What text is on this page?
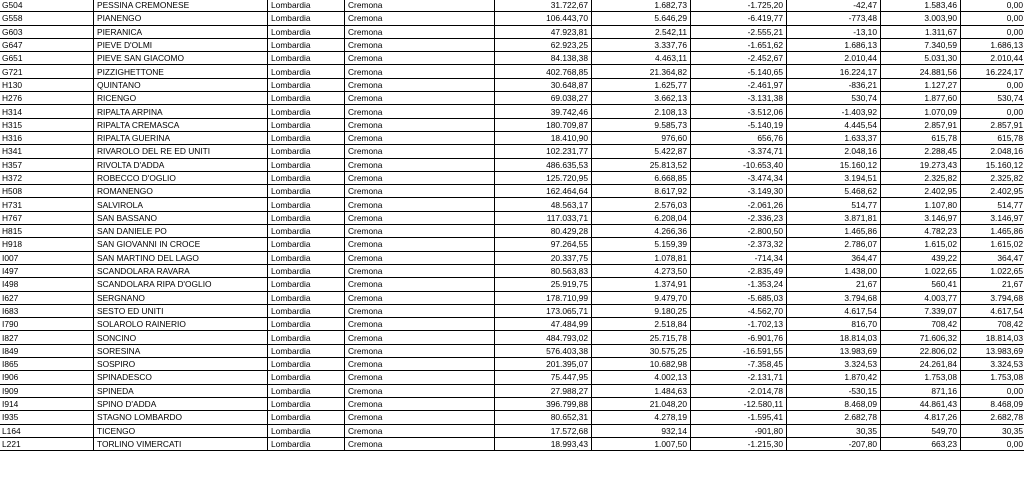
G504	PESSINA CREMONESE	Lombardia	Cremona	31.722,67	1.682,73	-1.725,20	-42,47	1.583,46	0,00
G558	PIANENGO	Lombardia	Cremona	106.443,70	5.646,29	-6.419,77	-773,48	3.003,90	0,00
G603	PIERANICA	Lombardia	Cremona	47.923,81	2.542,11	-2.555,21	-13,10	1.311,67	0,00
G647	PIEVE D'OLMI	Lombardia	Cremona	62.923,25	3.337,76	-1.651,62	1.686,13	7.340,59	1.686,13
G651	PIEVE SAN GIACOMO	Lombardia	Cremona	84.138,38	4.463,11	-2.452,67	2.010,44	5.031,30	2.010,44
G721	PIZZIGHETTONE	Lombardia	Cremona	402.768,85	21.364,82	-5.140,65	16.224,17	24.881,56	16.224,17
H130	QUINTANO	Lombardia	Cremona	30.648,87	1.625,77	-2.461,97	-836,21	1.127,27	0,00
H276	RICENGO	Lombardia	Cremona	69.038,27	3.662,13	-3.131,38	530,74	1.877,60	530,74
H314	RIPALTA ARPINA	Lombardia	Cremona	39.742,46	2.108,13	-3.512,06	-1.403,92	1.070,09	0,00
H315	RIPALTA CREMASCA	Lombardia	Cremona	180.709,87	9.585,73	-5.140,19	4.445,54	2.857,91	2.857,91
H316	RIPALTA GUERINA	Lombardia	Cremona	18.410,90	976,60	656,76	1.633,37	615,78	615,78
H341	RIVAROLO DEL RE ED UNITI	Lombardia	Cremona	102.231,77	5.422,87	-3.374,71	2.048,16	2.288,45	2.048,16
H357	RIVOLTA D'ADDA	Lombardia	Cremona	486.635,53	25.813,52	-10.653,40	15.160,12	19.273,43	15.160,12
H372	ROBECCO D'OGLIO	Lombardia	Cremona	125.720,95	6.668,85	-3.474,34	3.194,51	2.325,82	2.325,82
H508	ROMANENGO	Lombardia	Cremona	162.464,64	8.617,92	-3.149,30	5.468,62	2.402,95	2.402,95
H731	SALVIROLA	Lombardia	Cremona	48.563,17	2.576,03	-2.061,26	514,77	1.107,80	514,77
H767	SAN BASSANO	Lombardia	Cremona	117.033,71	6.208,04	-2.336,23	3.871,81	3.146,97	3.146,97
H815	SAN DANIELE PO	Lombardia	Cremona	80.429,28	4.266,36	-2.800,50	1.465,86	4.782,23	1.465,86
H918	SAN GIOVANNI IN CROCE	Lombardia	Cremona	97.264,55	5.159,39	-2.373,32	2.786,07	1.615,02	1.615,02
I007	SAN MARTINO DEL LAGO	Lombardia	Cremona	20.337,75	1.078,81	-714,34	364,47	439,22	364,47
I497	SCANDOLARA RAVARA	Lombardia	Cremona	80.563,83	4.273,50	-2.835,49	1.438,00	1.022,65	1.022,65
I498	SCANDOLARA RIPA D'OGLIO	Lombardia	Cremona	25.919,75	1.374,91	-1.353,24	21,67	560,41	21,67
I627	SERGNANO	Lombardia	Cremona	178.710,99	9.479,70	-5.685,03	3.794,68	4.003,77	3.794,68
I683	SESTO ED UNITI	Lombardia	Cremona	173.065,71	9.180,25	-4.562,70	4.617,54	7.339,07	4.617,54
I790	SOLAROLO RAINERIO	Lombardia	Cremona	47.484,99	2.518,84	-1.702,13	816,70	708,42	708,42
I827	SONCINO	Lombardia	Cremona	484.793,02	25.715,78	-6.901,76	18.814,03	71.606,32	18.814,03
I849	SORESINA	Lombardia	Cremona	576.403,38	30.575,25	-16.591,55	13.983,69	22.806,02	13.983,69
I865	SOSPIRO	Lombardia	Cremona	201.395,07	10.682,98	-7.358,45	3.324,53	24.261,84	3.324,53
I906	SPINADESCO	Lombardia	Cremona	75.447,95	4.002,13	-2.131,71	1.870,42	1.753,08	1.753,08
I909	SPINEDA	Lombardia	Cremona	27.988,27	1.484,63	-2.014,78	-530,15	871,16	0,00
I914	SPINO D'ADDA	Lombardia	Cremona	396.799,88	21.048,20	-12.580,11	8.468,09	44.861,43	8.468,09
I935	STAGNO LOMBARDO	Lombardia	Cremona	80.652,31	4.278,19	-1.595,41	2.682,78	4.817,26	2.682,78
L164	TICENGO	Lombardia	Cremona	17.572,68	932,14	-901,80	30,35	549,70	30,35
L221	TORLINO VIMERCATI	Lombardia	Cremona	18.993,43	1.007,50	-1.215,30	-207,80	663,23	0,00
